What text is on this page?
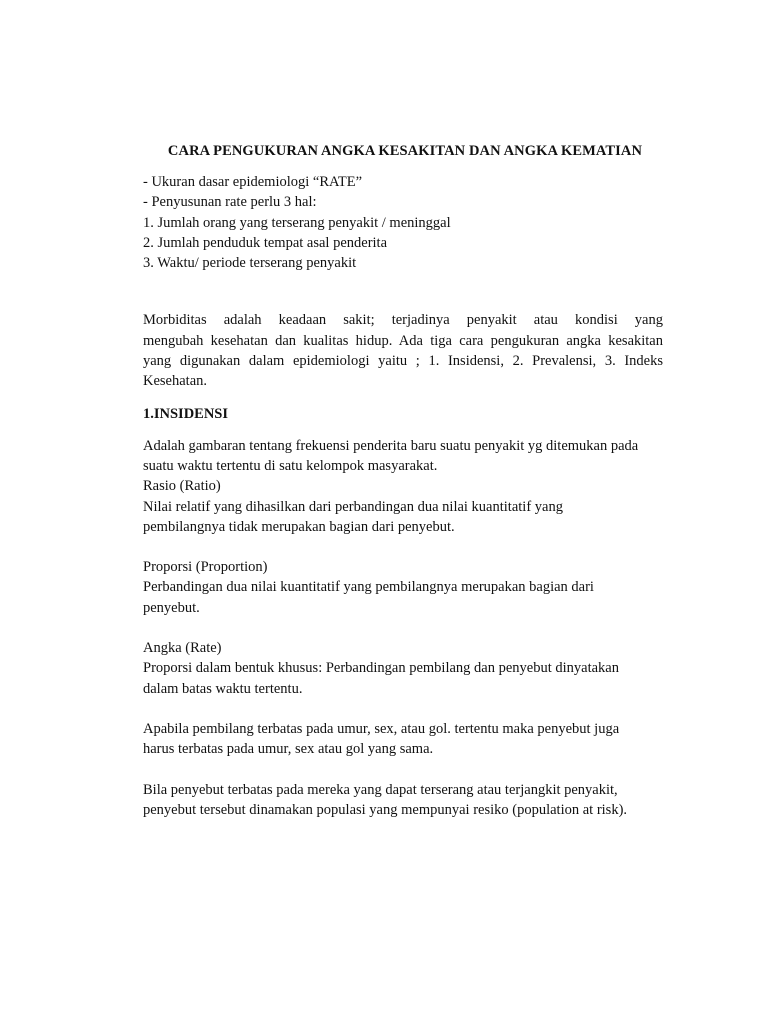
CARA PENGUKURAN ANGKA KESAKITAN DAN ANGKA KEMATIAN

- Ukuran dasar epidemiologi “RATE”

- Penyusunan rate perlu 3 hal:

1. Jumlah orang yang terserang penyakit / meninggal

2. Jumlah penduduk tempat asal penderita

3. Waktu/ periode terserang penyakit

Morbiditas adalah keadaan sakit; terjadinya penyakit atau kondisi yang
mengubah kesehatan dan kualitas hidup. Ada tiga cara pengukuran angka kesakitan
yang digunakan dalam epidemiologi yaitu ; 1. Insidensi, 2. Prevalensi, 3. Indeks
Kesehatan.

1.INSIDENSI

Adalah gambaran tentang frekuensi penderita baru suatu penyakit yg ditemukan pada

suatu waktu tertentu di satu kelompok masyarakat.

Rasio (Ratio)

Nilai relatif yang dihasilkan dari perbandingan dua nilai kuantitatif yang

pembilangnya tidak merupakan bagian dari penyebut.

Proporsi (Proportion)

Perbandingan dua nilai kuantitatif yang pembilangnya merupakan bagian dari

penyebut.

Angka (Rate)

Proporsi dalam bentuk khusus: Perbandingan pembilang dan penyebut dinyatakan

dalam batas waktu tertentu.

Apabila pembilang terbatas pada umur, sex, atau gol. tertentu maka penyebut juga

harus terbatas pada umur, sex atau gol yang sama.

Bila penyebut terbatas pada mereka yang dapat terserang atau terjangkit penyakit,

penyebut tersebut dinamakan populasi yang mempunyai resiko (population at risk).
